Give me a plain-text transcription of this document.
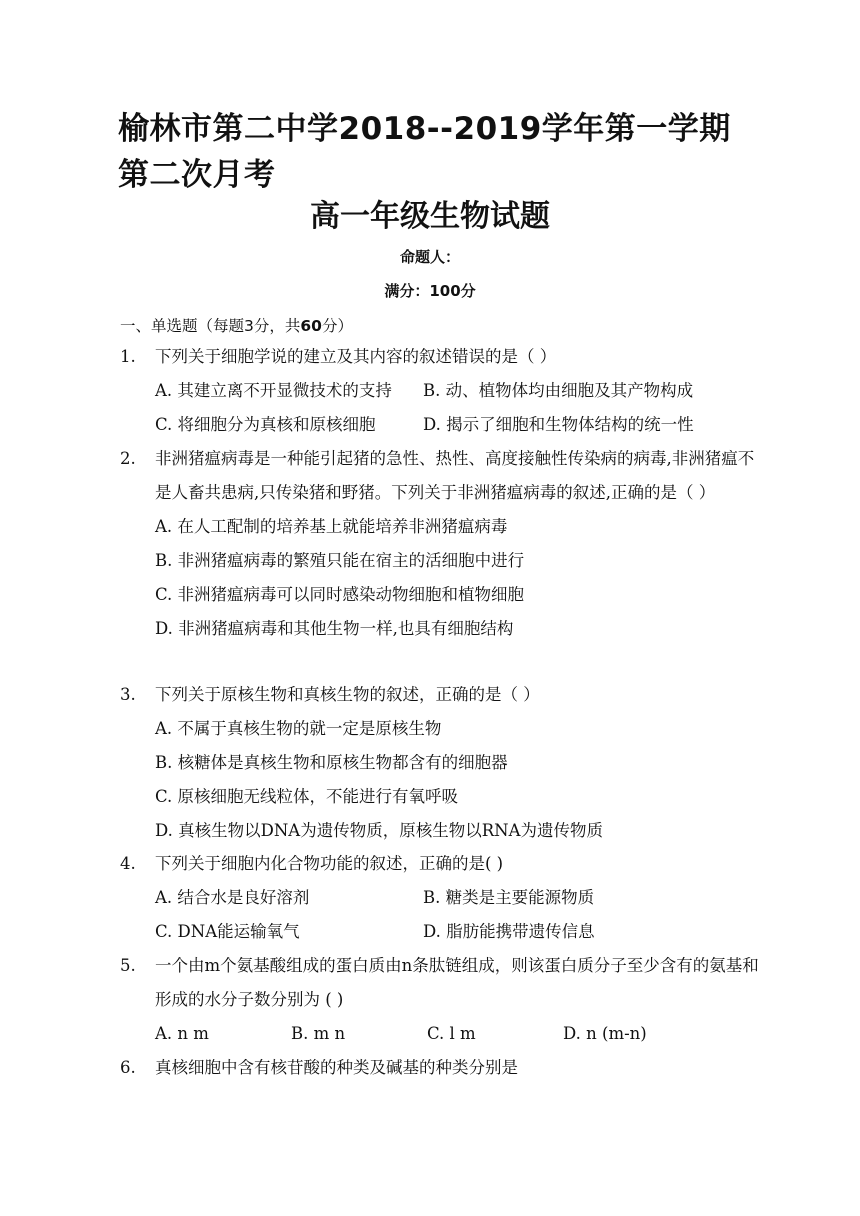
榆林市第二中学2018--2019学年第一学期
第二次月考
高一年级生物试题
命题人：
满分：100分
一、单选题（每题3分，共60分）
1.	下列关于细胞学说的建立及其内容的叙述错误的是（ ）
A. 其建立离不开显微技术的支持	B. 动、植物体均由细胞及其产物构成
C. 将细胞分为真核和原核细胞	D. 揭示了细胞和生物体结构的统一性
2.	非洲猪瘟病毒是一种能引起猪的急性、热性、高度接触性传染病的病毒,非洲猪瘟不是人畜共患病,只传染猪和野猪。下列关于非洲猪瘟病毒的叙述,正确的是（ ）
A. 在人工配制的培养基上就能培养非洲猪瘟病毒
B. 非洲猪瘟病毒的繁殖只能在宿主的活细胞中进行
C. 非洲猪瘟病毒可以同时感染动物细胞和植物细胞
D. 非洲猪瘟病毒和其他生物一样,也具有细胞结构
3.	下列关于原核生物和真核生物的叙述，正确的是（ ）
A. 不属于真核生物的就一定是原核生物
B. 核糖体是真核生物和原核生物都含有的细胞器
C. 原核细胞无线粒体，不能进行有氧呼吸
D. 真核生物以DNA为遗传物质，原核生物以RNA为遗传物质
4.	下列关于细胞内化合物功能的叙述，正确的是( )
A. 结合水是良好溶剂	B. 糖类是主要能源物质
C. DNA能运输氧气	D. 脂肪能携带遗传信息
5.	一个由m个氨基酸组成的蛋白质由n条肽链组成，则该蛋白质分子至少含有的氨基和形成的水分子数分别为 ( )
A. n m	B. m n	C. l m	D. n (m-n)
6.	真核细胞中含有核苷酸的种类及碱基的种类分别是
